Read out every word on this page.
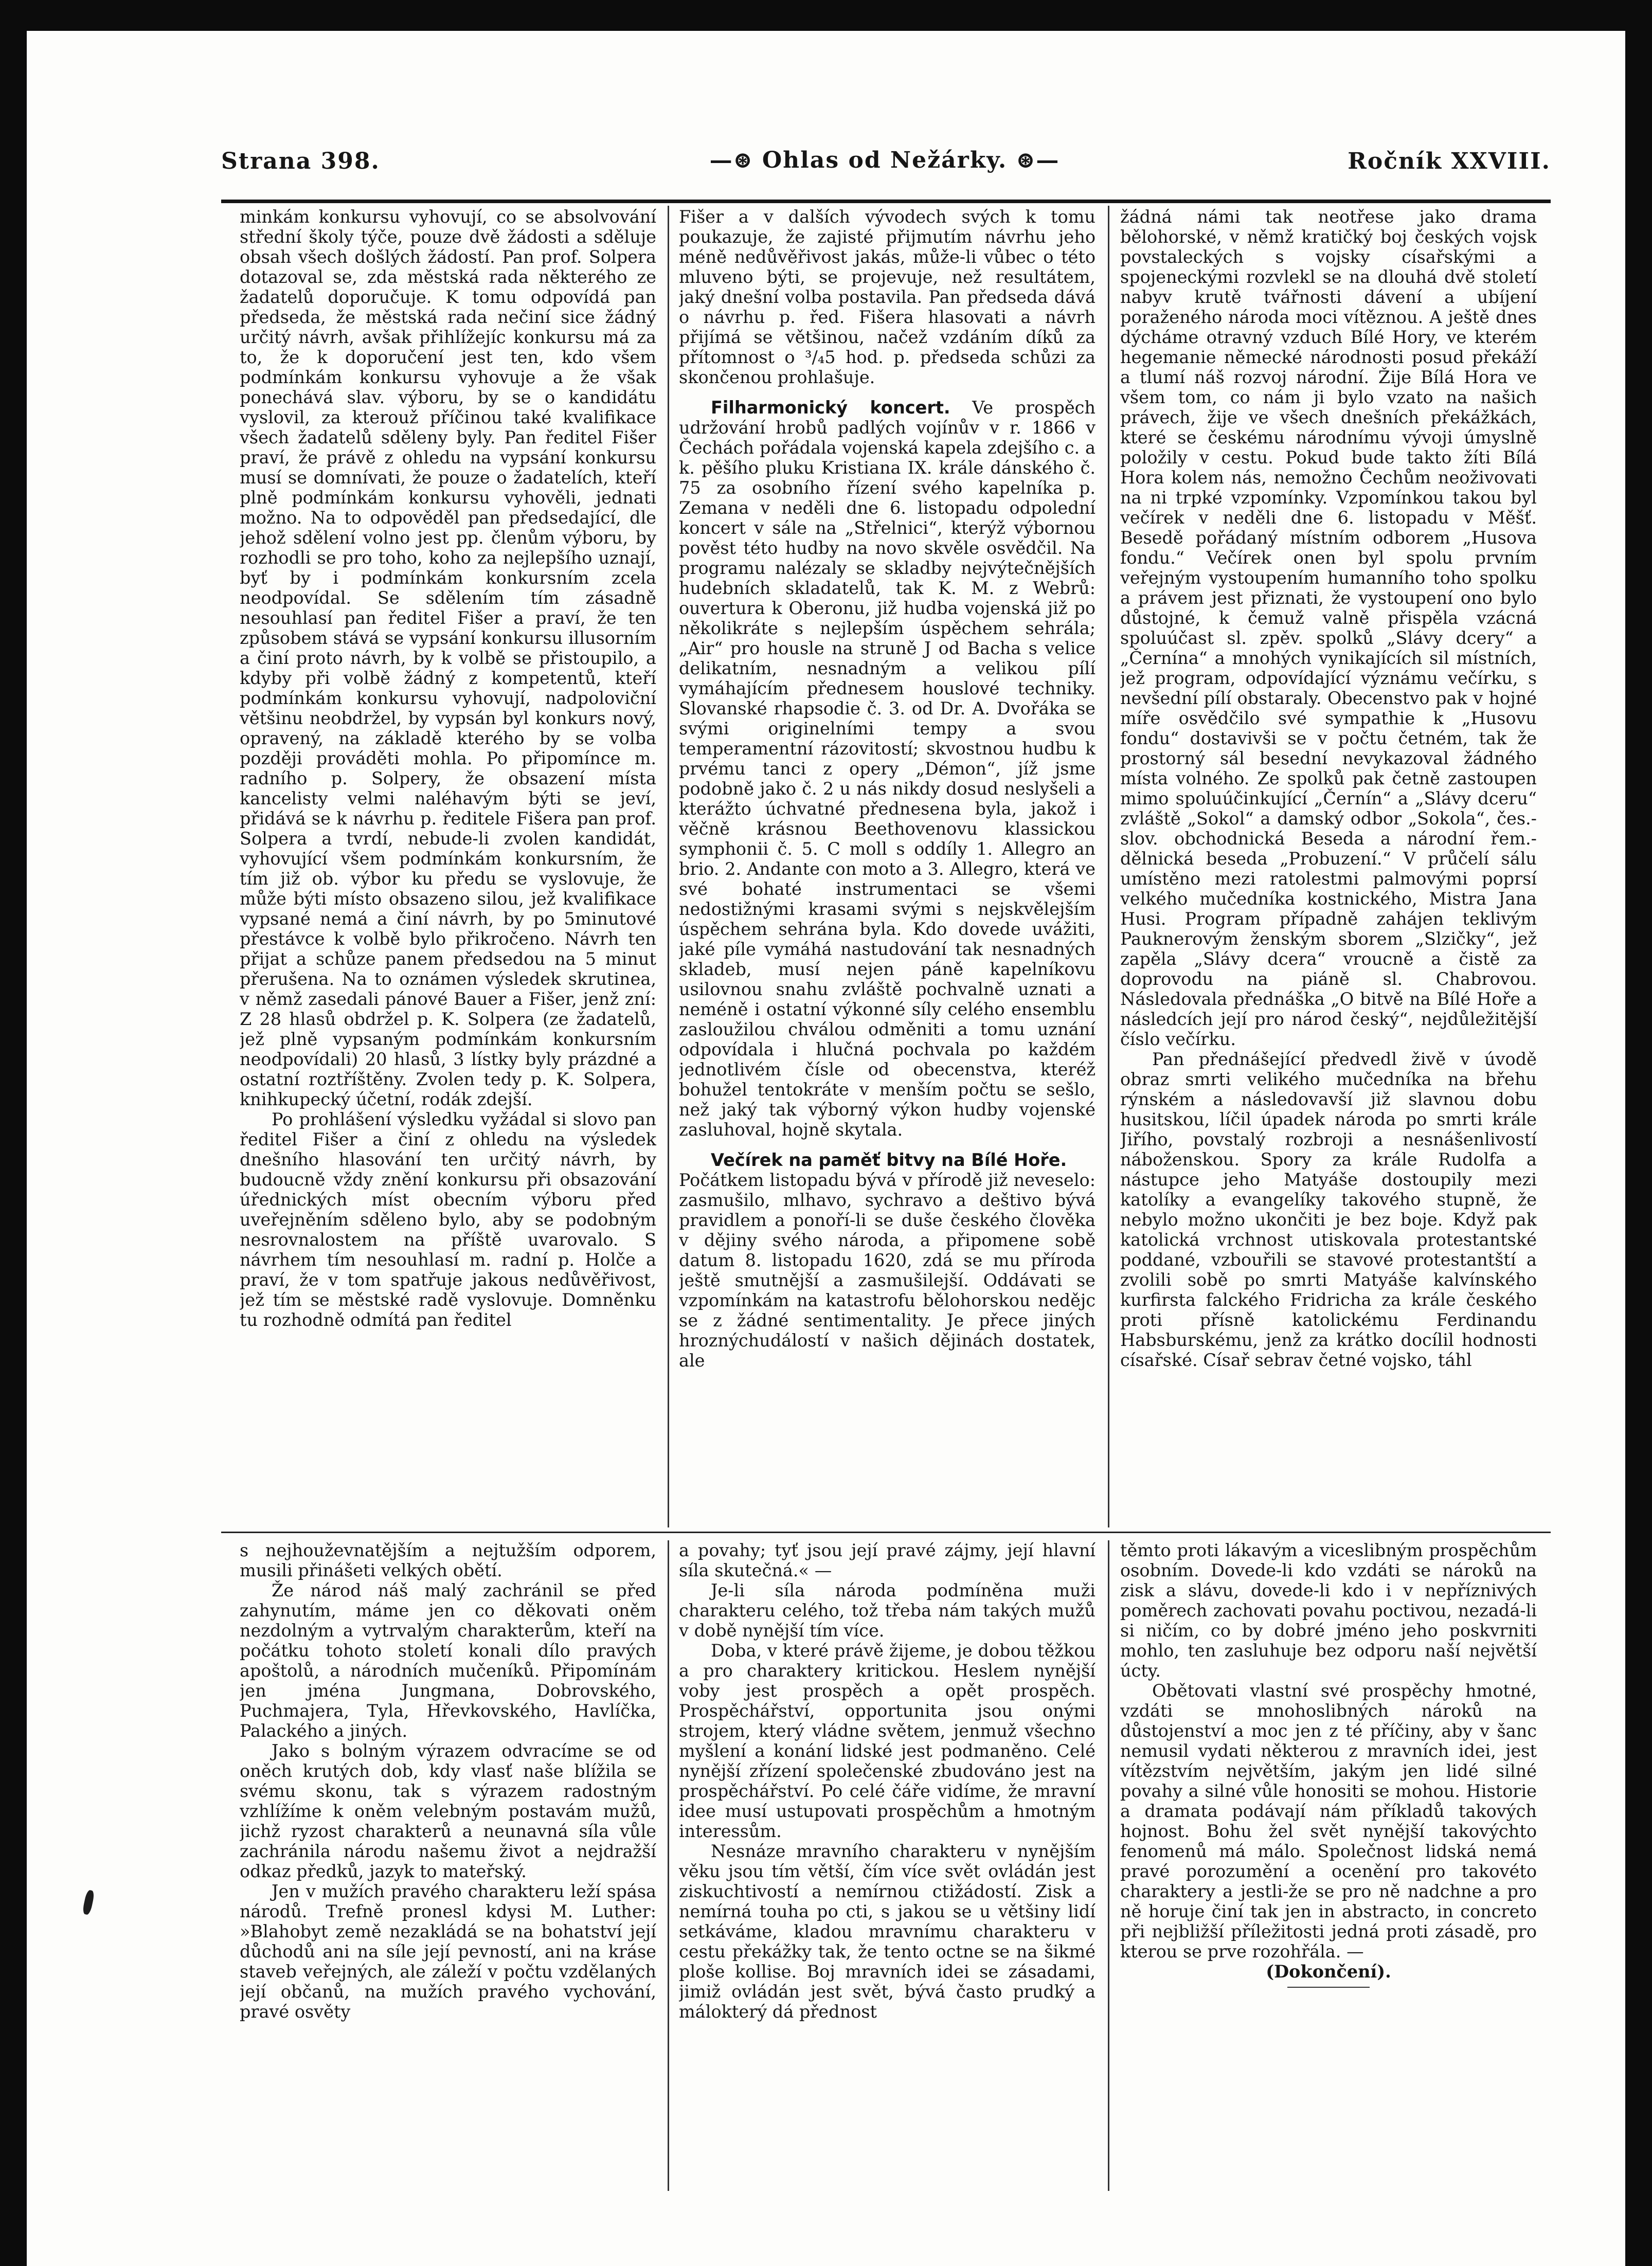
Strana 398.	—⊛ Ohlas od Nežárky. ⊛—	Ročník XXVIII.

minkám konkursu vyhovují, co se absolvování střední školy týče, pouze dvě žádosti a sděluje obsah všech došlých žádostí. Pan prof. Solpera dotazoval se, zda městská rada některého ze žadatelů doporučuje. K tomu odpovídá pan předseda, že městská rada nečiní sice žádný určitý návrh, avšak přihlížejíc konkursu má za to, že k doporučení jest ten, kdo všem podmínkám konkursu vyhovuje a že však ponechává slav. výboru, by se o kandidátu vyslovil, za kterouž příčinou také kvalifikace všech žadatelů sděleny byly. Pan ředitel Fišer praví, že právě z ohledu na vypsání konkursu musí se domnívati, že pouze o žadatelích, kteří plně podmínkám konkursu vyhověli, jednati možno. Na to odpověděl pan předsedající, dle jehož sdělení volno jest pp. členům výboru, by rozhodli se pro toho, koho za nejlepšího uznají, byť by i podmínkám konkursním zcela neodpovídal. Se sdělením tím zásadně nesouhlasí pan ředitel Fišer a praví, že ten způsobem stává se vypsání konkursu illusorním a činí proto návrh, by k volbě se přistoupilo, a kdyby při volbě žádný z kompetentů, kteří podmínkám konkursu vyhovují, nadpoloviční většinu neobdržel, by vypsán byl konkurs nový, opravený, na základě kterého by se volba později prováděti mohla. Po připomínce m. radního p. Solpery, že obsazení místa kancelisty velmi naléhavým býti se jeví, přidává se k návrhu p. ředitele Fišera pan prof. Solpera a tvrdí, nebude-li zvolen kandidát, vyhovující všem podmínkám konkursním, že tím již ob. výbor ku předu se vyslovuje, že může býti místo obsazeno silou, jež kvalifikace vypsané nemá a činí návrh, by po 5minutové přestávce k volbě bylo přikročeno. Návrh ten přijat a schůze panem předsedou na 5 minut přerušena. Na to oznámen výsledek skrutinea, v němž zasedali pánové Bauer a Fišer, jenž zní: Z 28 hlasů obdržel p. K. Solpera (ze žadatelů, jež plně vypsaným podmínkám konkursním neodpovídali) 20 hlasů, 3 lístky byly prázdné a ostatní roztříštěny. Zvolen tedy p. K. Solpera, knihkupecký účetní, rodák zdejší.

Po prohlášení výsledku vyžádal si slovo pan ředitel Fišer a činí z ohledu na výsledek dnešního hlasování ten určitý návrh, by budoucně vždy znění konkursu při obsazování úřednických míst obecním výboru před uveřejněním sděleno bylo, aby se podobným nesrovnalostem na příště uvarovalo. S návrhem tím nesouhlasí m. radní p. Holče a praví, že v tom spatřuje jakous nedůvěřivost, jež tím se městské radě vyslovuje. Domněnku tu rozhodně odmítá pan ředitel

Fišer a v dalších vývodech svých k tomu poukazuje, že zajisté přijmutím návrhu jeho méně nedůvěřivost jakás, může-li vůbec o této mluveno býti, se projevuje, než resultátem, jaký dnešní volba postavila. Pan předseda dává o návrhu p. řed. Fišera hlasovati a návrh přijímá se většinou, načež vzdáním díků za přítomnost o ³/₄5 hod. p. předseda schůzi za skončenou prohlašuje.

Filharmonický koncert. Ve prospěch udržování hrobů padlých vojínův v r. 1866 v Čechách pořádala vojenská kapela zdejšího c. a k. pěšího pluku Kristiana IX. krále dánského č. 75 za osobního řízení svého kapelníka p. Zemana v neděli dne 6. listopadu odpolední koncert v sále na „Střelnici“, kterýž výbornou pověst této hudby na novo skvěle osvědčil. Na programu nalézaly se skladby nejvýtečnějších hudebních skladatelů, tak K. M. z Webrů: ouvertura k Oberonu, již hudba vojenská již po několikráte s nejlepším úspěchem sehrála; „Air“ pro housle na struně J od Bacha s velice delikatním, nesnadným a velikou pílí vymáhajícím přednesem houslové techniky. Slovanské rhapsodie č. 3. od Dr. A. Dvořáka se svými originelními tempy a svou temperamentní rázovitostí; skvostnou hudbu k prvému tanci z opery „Démon“, jíž jsme podobně jako č. 2 u nás nikdy dosud neslyšeli a kterážto úchvatné přednesena byla, jakož i věčně krásnou Beethovenovu klassickou symphonii č. 5. C moll s oddíly 1. Allegro an brio. 2. Andante con moto a 3. Allegro, která ve své bohaté instrumentaci se všemi nedostižnými krasami svými s nejskvělejším úspěchem sehrána byla. Kdo dovede uvážiti, jaké píle vymáhá nastudování tak nesnadných skladeb, musí nejen páně kapelníkovu usilovnou snahu zvláště pochvalně uznati a neméně i ostatní výkonné síly celého ensemblu zasloužilou chválou odměniti a tomu uznání odpovídala i hlučná pochvala po každém jednotlivém čísle od obecenstva, kteréž bohužel tentokráte v menším počtu se sešlo, než jaký tak výborný výkon hudby vojenské zasluhoval, hojně skytala.

Večírek na paměť bitvy na Bílé Hoře.

Počátkem listopadu bývá v přírodě již neveselo: zasmušilo, mlhavo, sychravo a deštivo bývá pravidlem a ponoří-li se duše českého člověka v dějiny svého národa, a připomene sobě datum 8. listopadu 1620, zdá se mu příroda ještě smutnější a zasmušilejší. Oddávati se vzpomínkám na katastrofu bělohorskou nedějc se z žádné sentimentality. Je přece jiných hroznýchudálostí v našich dějinách dostatek, ale

žádná námi tak neotřese jako drama bělohorské, v němž kratičký boj českých vojsk povstaleckých s vojsky císařskými a spojeneckými rozvlekl se na dlouhá dvě století nabyv krutě tvářnosti dávení a ubíjení poraženého národa moci vítěznou. A ještě dnes dýcháme otravný vzduch Bílé Hory, ve kterém hegemanie německé národnosti posud překáží a tlumí náš rozvoj národní. Žije Bílá Hora ve všem tom, co nám ji bylo vzato na našich právech, žije ve všech dnešních překážkách, které se českému národnímu vývoji úmyslně položily v cestu. Pokud bude takto žíti Bílá Hora kolem nás, nemožno Čechům neoživovati na ni trpké vzpomínky. Vzpomínkou takou byl večírek v neděli dne 6. listopadu v Měšť. Besedě pořádaný místním odborem „Husova fondu.“ Večírek onen byl spolu prvním veřejným vystoupením humanního toho spolku a právem jest přiznati, že vystoupení ono bylo důstojné, k čemuž valně přispěla vzácná spoluúčast sl. zpěv. spolků „Slávy dcery“ a „Černína“ a mnohých vynikajících sil místních, jež program, odpovídající význámu večírku, s nevšední pílí obstaraly. Obecenstvo pak v hojné míře osvědčilo své sympathie k „Husovu fondu“ dostavivši se v počtu četném, tak že prostorný sál besední nevykazoval žádného místa volného. Ze spolků pak četně zastoupen mimo spoluúčinkující „Černín“ a „Slávy dceru“ zvláště „Sokol“ a damský odbor „Sokola“, čes.-slov. obchodnická Beseda a národní řem.-dělnická beseda „Probuzení.“ V průčelí sálu umístěno mezi ratolestmi palmovými poprsí velkého mučedníka kostnického, Mistra Jana Husi. Program případně zahájen teklivým Pauknerovým ženským sborem „Slzičky“, jež zapěla „Slávy dcera“ vroucně a čistě za doprovodu na piáně sl. Chabrovou. Následovala přednáška „O bitvě na Bílé Hoře a následcích její pro národ český“, nejdůležitější číslo večírku.

Pan přednášející předvedl živě v úvodě obraz smrti velikého mučedníka na břehu rýnském a následovavší již slavnou dobu husitskou, líčil úpadek národa po smrti krále Jiřího, povstalý rozbroji a nesnášenlivostí náboženskou. Spory za krále Rudolfa a nástupce jeho Matyáše dostoupily mezi katolíky a evangelíky takového stupně, že nebylo možno ukončiti je bez boje. Když pak katolická vrchnost utiskovala protestantské poddané, vzbouřili se stavové protestantští a zvolili sobě po smrti Matyáše kalvínského kurfirsta falckého Fridricha za krále českého proti přísně katolickému Ferdinandu Habsburskému, jenž za krátko docílil hodnosti císařské. Císař sebrav četné vojsko, táhl

s nejhouževnatějším a nejtužším odporem, musili přinášeti velkých obětí.

Že národ náš malý zachránil se před zahynutím, máme jen co děkovati oněm nezdolným a vytrvalým charakterům, kteří na počátku tohoto století konali dílo pravých apoštolů, a národních mučeníků. Připomínám jen jména Jungmana, Dobrovského, Puchmajera, Tyla, Hřevkovského, Havlíčka, Palackého a jiných.

Jako s bolným výrazem odvracíme se od oněch krutých dob, kdy vlasť naše blížila se svému skonu, tak s výrazem radostným vzhlížíme k oněm velebným postavám mužů, jichž ryzost charakterů a neunavná síla vůle zachránila národu našemu život a nejdražší odkaz předků, jazyk to mateřský.

Jen v mužích pravého charakteru leží spása národů. Trefně pronesl kdysi M. Luther: »Blahobyt země nezakládá se na bohatství její důchodů ani na síle její pevností, ani na kráse staveb veřejných, ale záleží v počtu vzdělaných její občanů, na mužích pravého vychování, pravé osvěty

a povahy; tyť jsou její pravé zájmy, její hlavní síla skutečná.« —

Je-li síla národa podmíněna muži charakteru celého, tož třeba nám takých mužů v době nynější tím více.

Doba, v které právě žijeme, je dobou těžkou a pro charaktery kritickou. Heslem nynější voby jest prospěch a opět prospěch. Prospěchářství, opportunita jsou onými strojem, který vládne světem, jenmuž všechno myšlení a konání lidské jest podmaněno. Celé nynější zřízení společenské zbudováno jest na prospěchářství. Po celé čáře vidíme, že mravní idee musí ustupovati prospěchům a hmotným interessům.

Nesnáze mravního charakteru v nynějším věku jsou tím větší, čím více svět ovládán jest ziskuchtivostí a nemírnou ctižádostí. Zisk a nemírná touha po cti, s jakou se u většiny lidí setkáváme, kladou mravnímu charakteru v cestu překážky tak, že tento octne se na šikmé ploše kollise. Boj mravních idei se zásadami, jimiž ovládán jest svět, bývá často prudký a málokterý dá přednost

těmto proti lákavým a viceslibným prospěchům osobním. Dovede-li kdo vzdáti se nároků na zisk a slávu, dovede-li kdo i v nepříznivých poměrech zachovati povahu poctivou, nezadá-li si ničím, co by dobré jméno jeho poskvrniti mohlo, ten zasluhuje bez odporu naší největší úcty.

Obětovati vlastní své prospěchy hmotné, vzdáti se mnohoslibných nároků na důstojenství a moc jen z té příčiny, aby v šanc nemusil vydati některou z mravních idei, jest vítězstvím největším, jakým jen lidé silné povahy a silné vůle honositi se mohou. Historie a dramata podávají nám příkladů takových hojnost. Bohu žel svět nynější takovýchto fenomenů má málo. Společnost lidská nemá pravé porozumění a ocenění pro takovéto charaktery a jestli-že se pro ně nadchne a pro ně horuje činí tak jen in abstracto, in concreto při nejbližší příležitosti jedná proti zásadě, pro kterou se prve rozohřála. —

(Dokončení).
